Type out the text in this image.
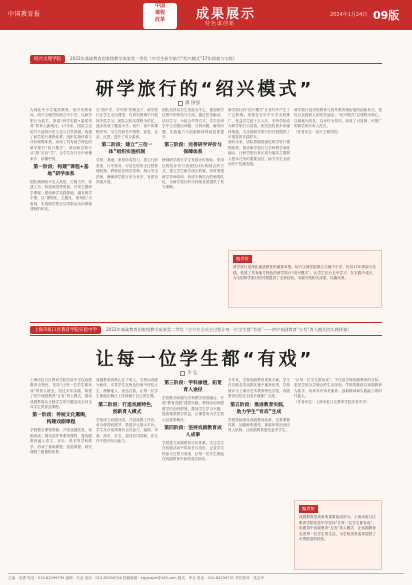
中国教育报
中国
课程
改革	成果展示
特色谋创新
2024年1月24日 09版
绍兴文理学院	2022年基础教育国家级教学成果奖一等奖《中学生研学旅行“绍兴模式”17年探索与实践》
研学旅行的“绍兴模式”
潘 国强

为深化中小学素质教育，绍兴市教育局、绍兴文理学院联合中小学，以研学旅行为抓手，探索“研学实践+素质培养”的育人新路径。17年来，团队立足绍兴丰富的历史文化与自然资源，构建了研学旅行课程体系、组织实施体系与评价保障体系，形成了具有地方特色的研学旅行“绍兴模式”，推动研学旅行从“游”走向“学”，让学生在行走中读懂家乡、读懂中国。

第一阶段：构建“课程+基地”研学体系

团队梳理绍兴名人故居、古镇古村、非遗工坊、科技场馆等资源，开发主题研学课程，建设研学实践基地，编写研学手册，以“课程化、主题化、系列化”为原则，实现研学旅行从零散活动向系统课程的转变。

在“游中学、学中游”的理念下，研学旅行让学生走出课堂，在真实情境中开展探究性学习。团队以校本课程为依托，逐步形成了覆盖小学、初中、高中的课程序列，学生在研学中观察、体验、记录、反思，提升了综合素养。

第二阶段：建立“三位一体”组织实施机制

学校、基地、家庭协同发力，建立行前准备、行中指导、行后总结的全过程管理机制。教师担任研学导师，制订安全预案，确保研学旅行安全有序、有质有效地开展。

团队坚持以学生发展为中心，重视研学过程中的体验与生成。通过任务驱动、项目学习、小组合作等方式，学生在研学中主动提出问题、分析问题、解决问题，实践能力与创新精神得到显著提升。

第三阶段：完善研学评价与保障体系

研制研学旅行学生发展评价指标，采用过程性评价与表现性评价相结合的方式，建立学生研学成长档案。同时加强研学导师培训，形成专兼结合的师资队伍，为研学旅行的可持续发展提供了有力保障。

研学旅行的“绍兴模式”在省内外产生了广泛影响。成果在全市中小学全面推广，受益学生数十万人次，多所学校成为研学旅行示范校。相关经验被多家媒体报道，为全国研学旅行的开展提供了可借鉴的实践样本。

面向未来，团队将继续深化研学旅行课程改革，推动研学旅行与学科教学深度融合，让研学旅行真正成为落实立德树人根本任务的重要途径，助力学生全面而有个性地发展。

研学旅行是学校教育与校外教育相衔接的创新形式，是综合实践育人的有效途径。“绍兴模式”以课程为核心、以基地为依托、以评价为导向，形成了可复制、可推广的研学旅行育人范式。

（作者单位：绍兴文理学院）

编者按
研学旅行是深化素质教育的重要举措。绍兴文理学院联合当地中小学，历经17年探索与实践，构建了具有地方特色的研学旅行“绍兴模式”，让学生在行走中学习、在实践中成长，为全国研学旅行的开展提供了宝贵经验。本版刊发相关成果，以飨读者。
上海市虹口区教育学院实验中学	2022年基础教育国家级教学成果奖二等奖《全方位全员全过程让每一位学生都“有戏”——初中戏剧教育“五有”育人模式的实践探索》
让每一位学生都“有戏”
李 弘

上海市虹口区教育学院实验中学以戏剧教育为特色，坚持“让每一位学生都有戏”的育人理念，经过多年实践，构建了初中戏剧教育“五有”育人模式，推动戏剧教育从少数学生的兴趣活动走向全体学生的普及课程。

第一阶段：传统文化熏陶，构建戏剧课程

学校整合课程资源，开发戏剧欣赏、戏剧表演、剧本创作等系列课程，将戏剧教育融入语文、音乐、美术等学科教学，形成了基础课程、拓展课程、研究课程三级课程体系。

戏剧教育的核心在于育人。学校以戏剧为载体，引导学生在角色扮演中体验人生、理解他人、表达自我，让每一位学生都能在舞台上找到属于自己的位置。

第二阶段：打造戏剧特色，创新育人模式

学校成立戏剧社团，开设戏剧工作坊，举办校园戏剧节，搭建多元展示平台。学生从台前到幕后全员参与，编剧、导演、演员、灯光、道具各司其职，在合作中提升综合能力。

第三阶段：学科渗透，拓宽育人途径

学校推动戏剧与学科教学深度融合，开展“教育戏剧”课堂实践，教师运用戏剧教学法创设情境，激发学生学习兴趣，提高课堂教学效益，让课堂成为学生展示自我的舞台。

第四阶段：坚持戏剧教育成人成事

学校建立戏剧教育评价体系，关注学生在戏剧活动中的成长与变化，记录学生的参与过程与表现，让每一位学生都能在戏剧教育中获得成功体验。

多年来，学校戏剧教育成果丰硕，学生在各级各类戏剧比赛中屡获佳绩，学校被评为上海市艺术教育特色学校，戏剧教育经验在全国多地推广交流。

第五阶段：推进教育实践，助力学生“有戏”生成

学校持续深化戏剧教育改革，完善课程体系，加强师资建设，探索家校社协同育人机制，让戏剧教育惠及更多学生。

“让每一位学生都有戏”，不仅是学校戏剧教育的目标，更是学校办学理念的生动体现。学校将继续以戏剧教育为抓手，培养具有审美素养、创新精神和实践能力的时代新人。

（作者单位：上海市虹口区教育学院实验中学）

编者按
戏剧教育是美育的重要组成部分。上海市虹口区教育学院实验中学坚持“让每一位学生都有戏”，构建初中戏剧教育“五有”育人模式，让戏剧教育走进每一位学生的生活，为学校美育改革提供了可资借鉴的经验。
主编：吴勇 电话：010-82296739 编辑：代金 电话：010-82296726 投稿邮箱：zgjybsjzk@163.com 版式：李戈 电话：010-82296731 责任校对：张志华
